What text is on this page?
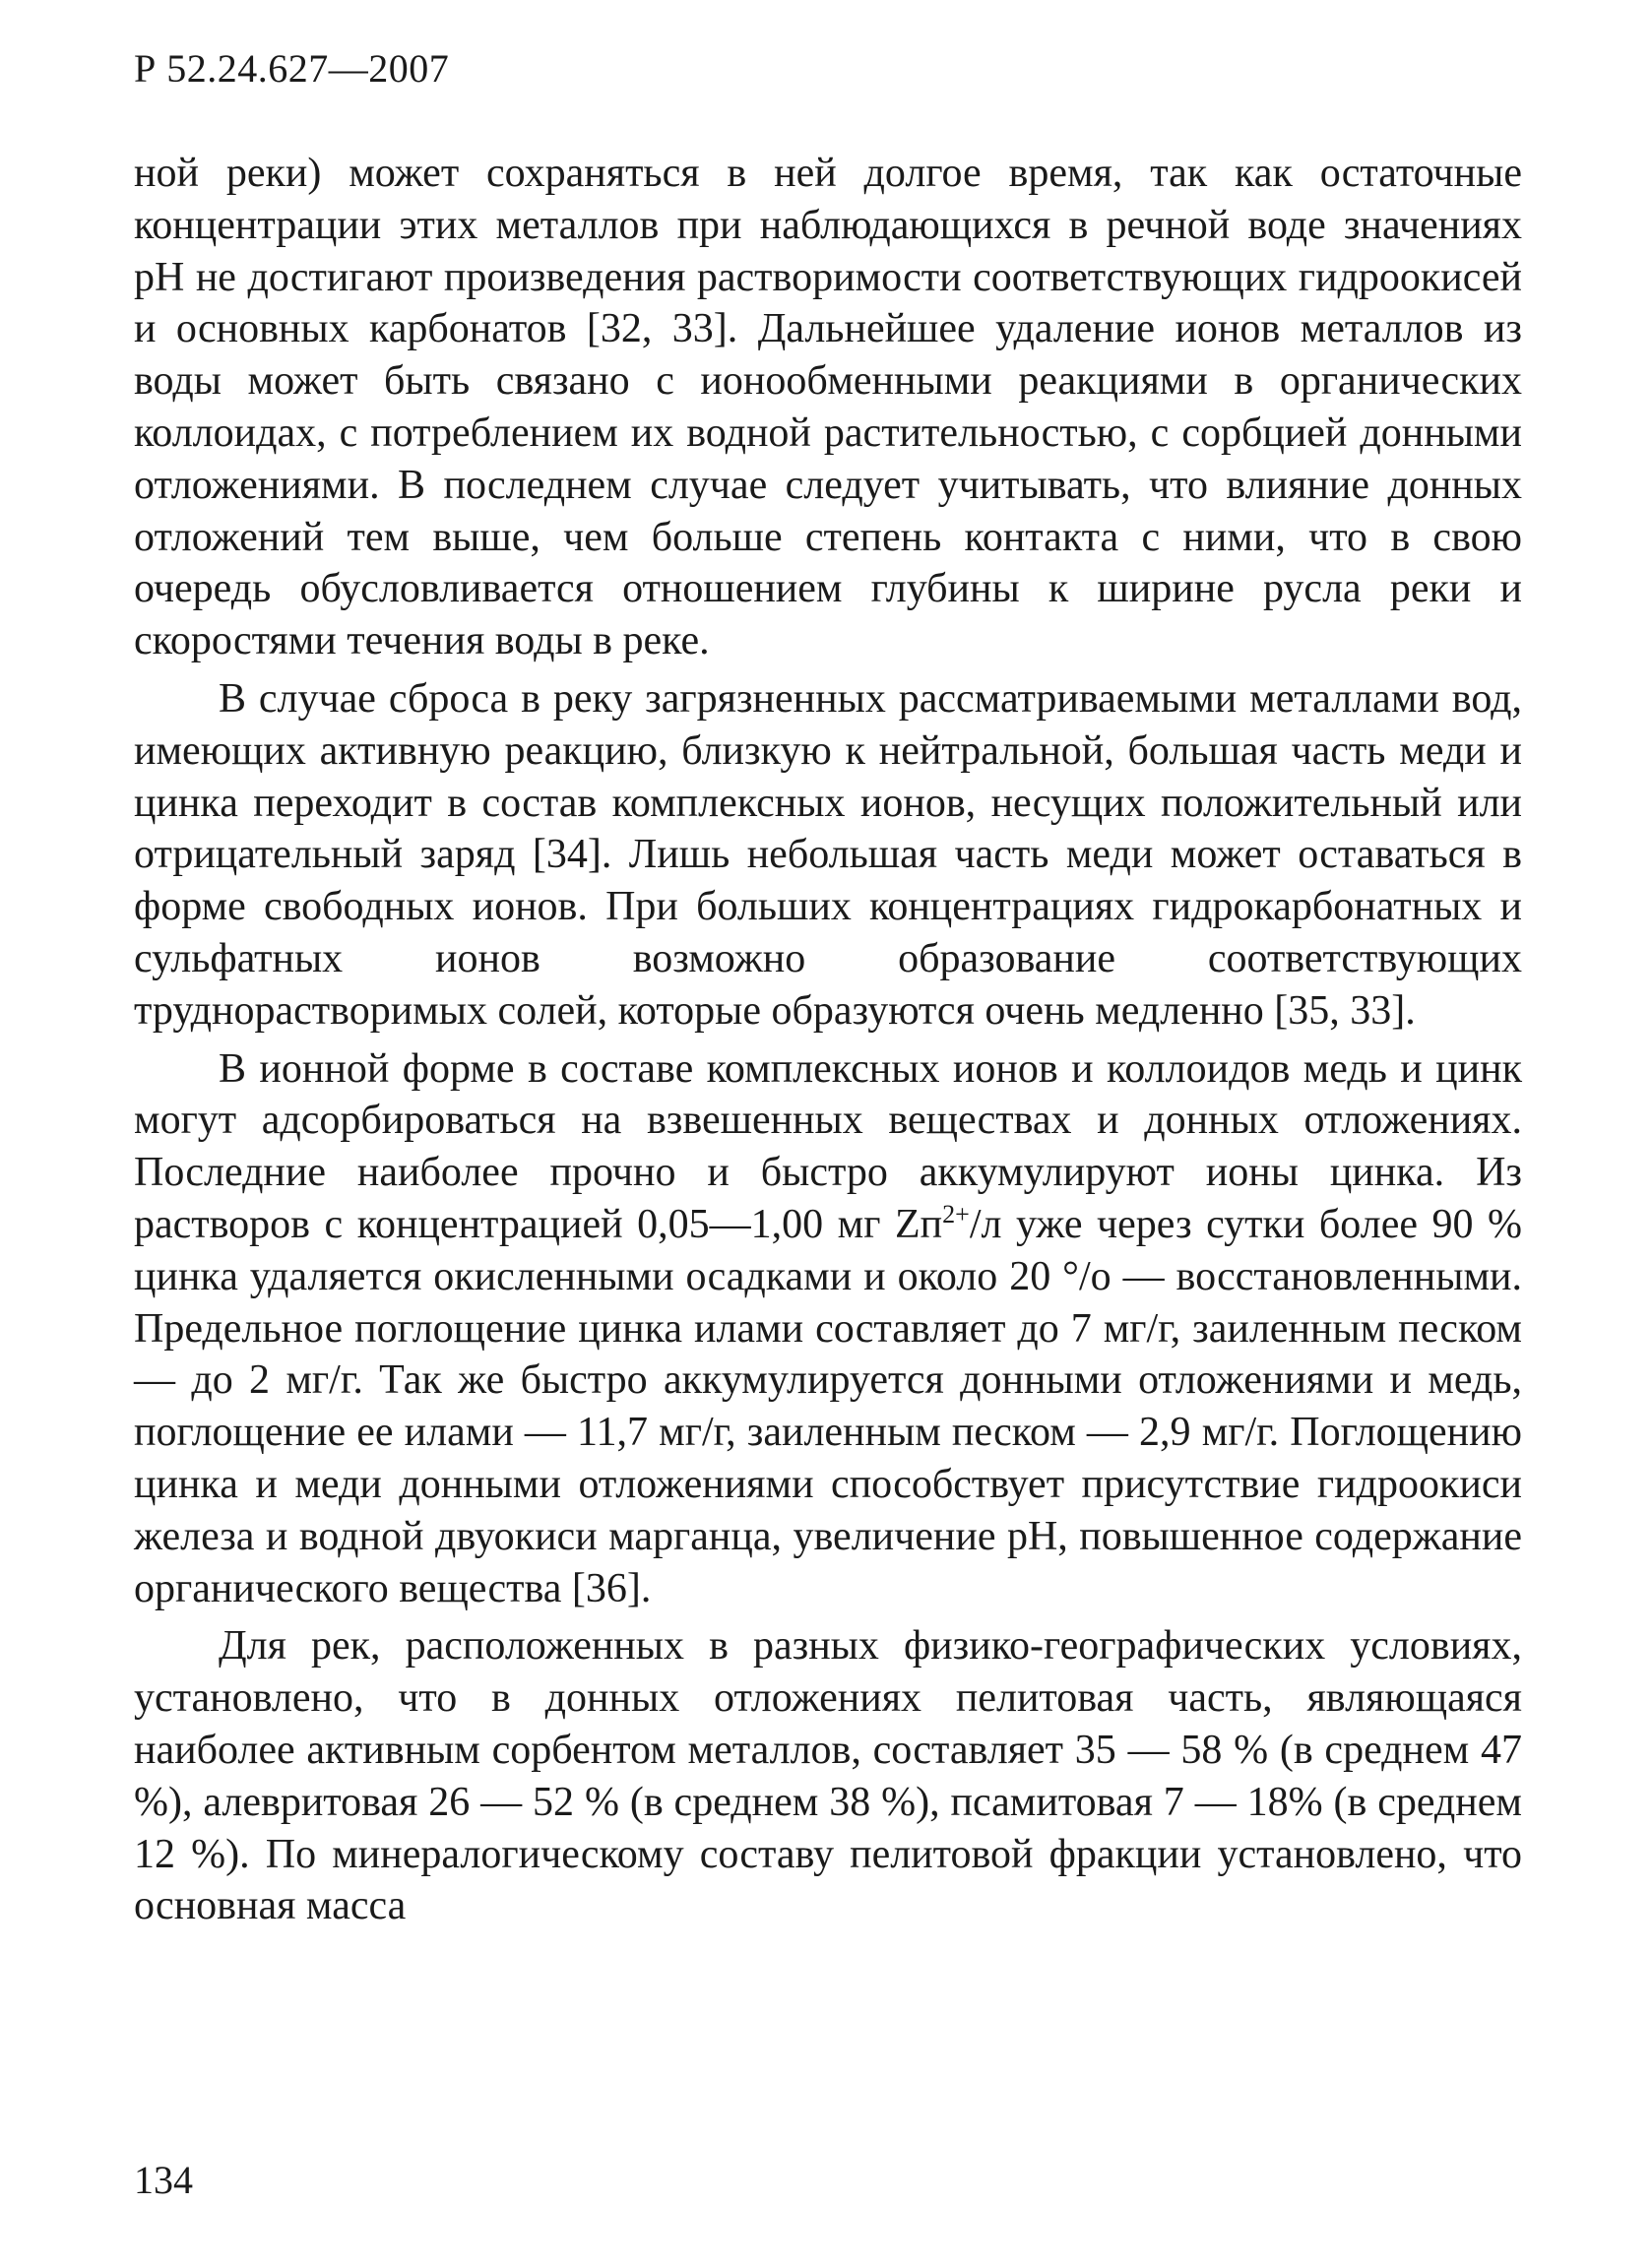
Р 52.24.627—2007

ной реки) может сохраняться в ней долгое время, так как остаточные концентрации этих металлов при наблюдающихся в речной воде значениях рН не достигают произведения растворимости соответствующих гидроокисей и основных карбонатов [32, 33]. Дальнейшее удаление ионов металлов из воды может быть связано с ионообменными реакциями в органических коллоидах, с потреблением их водной растительностью, с сорбцией донными отложениями. В последнем случае следует учитывать, что влияние донных отложений тем выше, чем больше степень контакта с ними, что в свою очередь обусловливается отношением глубины к ширине русла реки и скоростями течения воды в реке.

В случае сброса в реку загрязненных рассматриваемыми металлами вод, имеющих активную реакцию, близкую к нейтральной, большая часть меди и цинка переходит в состав комплексных ионов, несущих положительный или отрицательный заряд [34]. Лишь небольшая часть меди может оставаться в форме свободных ионов. При больших концентрациях гидрокарбонатных и сульфатных ионов возможно образование соответствующих труднорастворимых солей, которые образуются очень медленно [35, 33].

В ионной форме в составе комплексных ионов и коллоидов медь и цинк могут адсорбироваться на взвешенных веществах и донных отложениях. Последние наиболее прочно и быстро аккумулируют ионы цинка. Из растворов с концентрацией 0,05—1,00 мг $Zп^{2+}/л$ уже через сутки более 90 % цинка удаляется окисленными осадками и около 20 °/о — восстановленными. Предельное поглощение цинка илами составляет до 7 мг/г, заиленным песком — до 2 мг/г. Так же быстро аккумулируется донными отложениями и медь, поглощение ее илами — 11,7 мг/г, заиленным песком — 2,9 мг/г. Поглощению цинка и меди донными отложениями способствует присутствие гидроокиси железа и водной двуокиси марганца, увеличение рН, повышенное содержание органического вещества [36].

Для рек, расположенных в разных физико-географических условиях, установлено, что в донных отложениях пелитовая часть, являющаяся наиболее активным сорбентом металлов, составляет 35 — 58 % (в среднем 47 %), алевритовая 26 — 52 % (в среднем 38 %), псамитовая 7 — 18% (в среднем 12 %). По минералогическому составу пелитовой фракции установлено, что основная масса

134
